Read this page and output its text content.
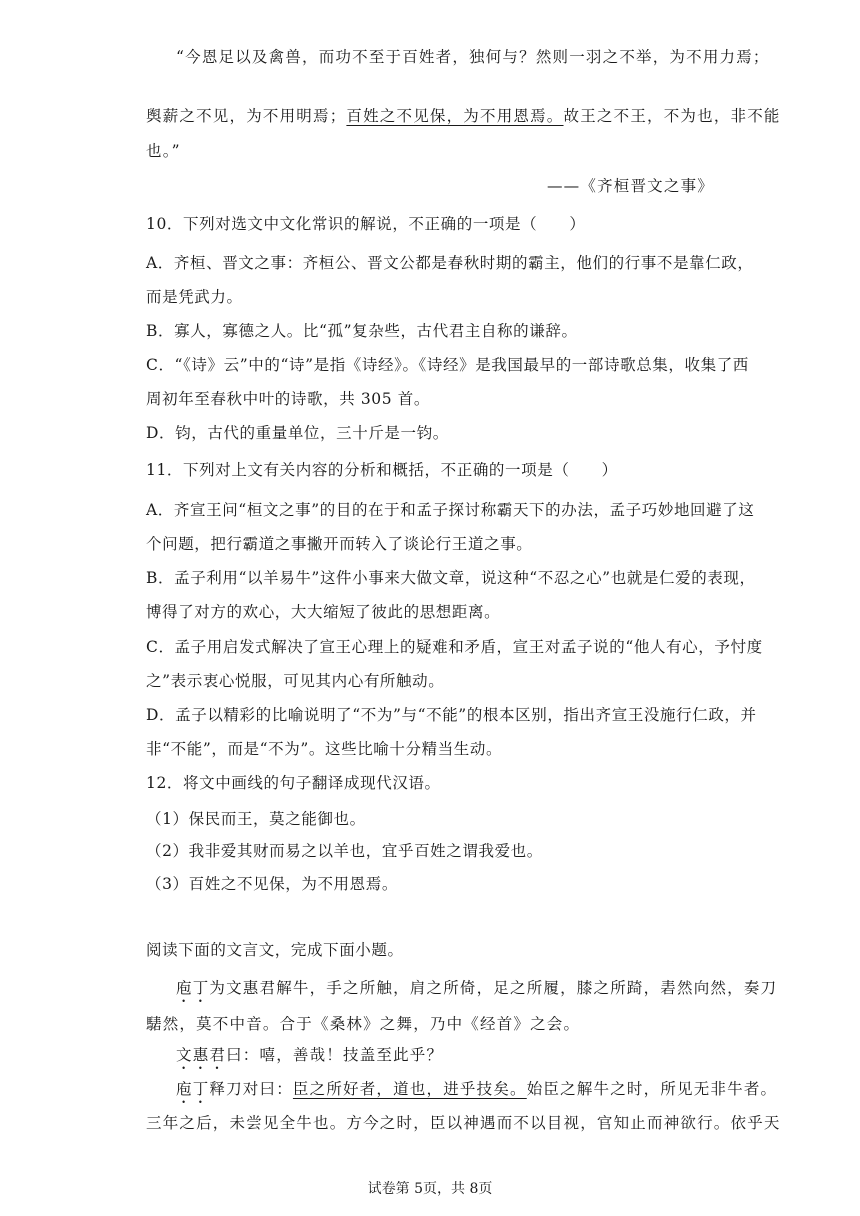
“今恩足以及禽兽，而功不至于百姓者，独何与？然则一羽之不举，为不用力焉；
舆薪之不见，为不用明焉；百姓之不见保，为不用恩焉。故王之不王，不为也，非不能
也。”
——《齐桓晋文之事》
10．下列对选文中文化常识的解说，不正确的一项是（　　）
A．齐桓、晋文之事：齐桓公、晋文公都是春秋时期的霸主，他们的行事不是靠仁政，
而是凭武力。
B．寡人，寡德之人。比“孤”复杂些，古代君主自称的谦辞。
C．“《诗》云”中的“诗”是指《诗经》。《诗经》是我国最早的一部诗歌总集，收集了西
周初年至春秋中叶的诗歌，共 305 首。
D．钧，古代的重量单位，三十斤是一钧。
11．下列对上文有关内容的分析和概括，不正确的一项是（　　）
A．齐宣王问“桓文之事”的目的在于和孟子探讨称霸天下的办法，孟子巧妙地回避了这
个问题，把行霸道之事撇开而转入了谈论行王道之事。
B．孟子利用“以羊易牛”这件小事来大做文章，说这种“不忍之心”也就是仁爱的表现，
博得了对方的欢心，大大缩短了彼此的思想距离。
C．孟子用启发式解决了宣王心理上的疑难和矛盾，宣王对孟子说的“他人有心，予忖度
之”表示衷心悦服，可见其内心有所触动。
D．孟子以精彩的比喻说明了“不为”与“不能”的根本区别，指出齐宣王没施行仁政，并
非“不能”，而是“不为”。这些比喻十分精当生动。
12．将文中画线的句子翻译成现代汉语。
（1）保民而王，莫之能御也。
（2）我非爱其财而易之以羊也，宜乎百姓之谓我爱也。
（3）百姓之不见保，为不用恩焉。
阅读下面的文言文，完成下面小题。
庖丁为文惠君解牛，手之所触，肩之所倚，足之所履，膝之所踦，砉然向然，奏刀
騞然，莫不中音。合于《桑林》之舞，乃中《经首》之会。
文惠君曰：嘻，善哉！技盖至此乎？
庖丁释刀对曰：臣之所好者，道也，进乎技矣。始臣之解牛之时，所见无非牛者。
三年之后，未尝见全牛也。方今之时，臣以神遇而不以目视，官知止而神欲行。依乎天
试卷第 5页，共 8页
